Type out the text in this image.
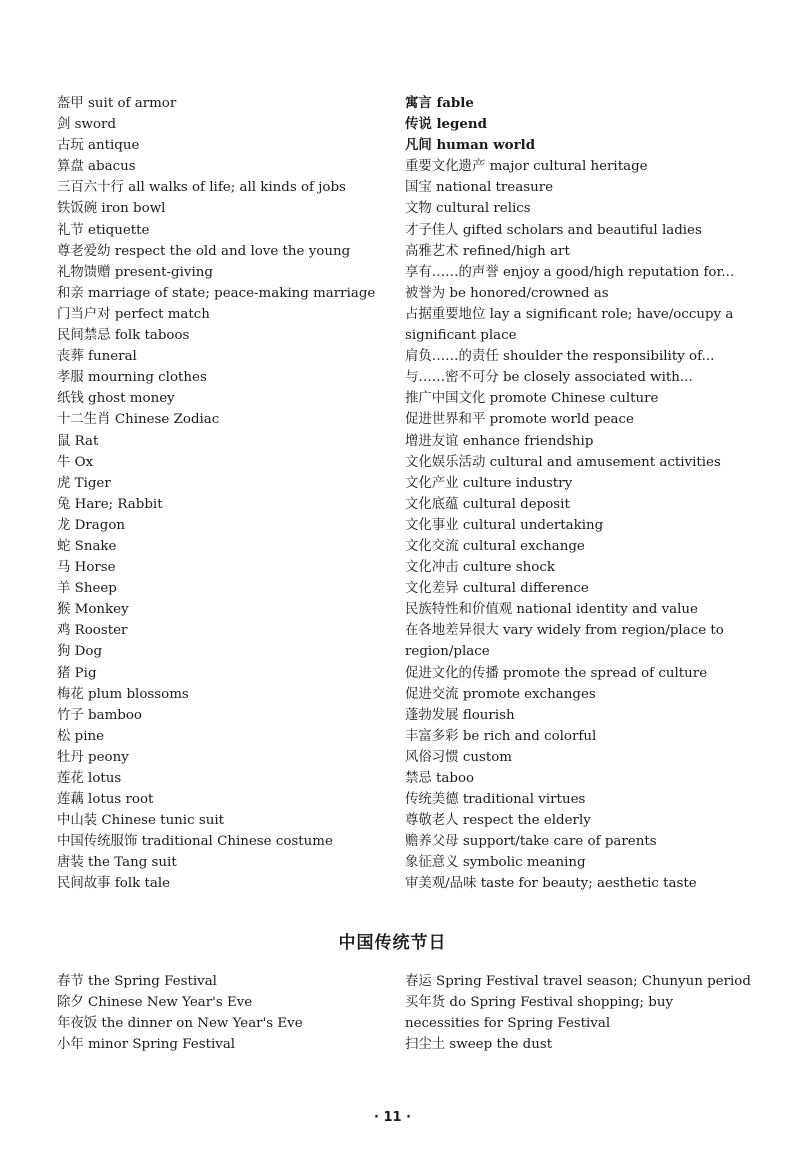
盔甲 suit of armor
剑 sword
古玩 antique
算盘 abacus
三百六十行 all walks of life; all kinds of jobs
铁饭碗 iron bowl
礼节 etiquette
尊老爱幼 respect the old and love the young
礼物馈赠 present-giving
和亲 marriage of state; peace-making marriage
门当户对 perfect match
民间禁忌 folk taboos
丧葬 funeral
孝服 mourning clothes
纸钱 ghost money
十二生肖 Chinese Zodiac
鼠 Rat
牛 Ox
虎 Tiger
兔 Hare; Rabbit
龙 Dragon
蛇 Snake
马 Horse
羊 Sheep
猴 Monkey
鸡 Rooster
狗 Dog
猪 Pig
梅花 plum blossoms
竹子 bamboo
松 pine
牡丹 peony
莲花 lotus
莲藕 lotus root
中山装 Chinese tunic suit
中国传统服饰 traditional Chinese costume
唐装 the Tang suit
民间故事 folk tale
寓言 fable
传说 legend
凡间 human world
重要文化遗产 major cultural heritage
国宝 national treasure
文物 cultural relics
才子佳人 gifted scholars and beautiful ladies
高雅艺术 refined/high art
享有……的声誉 enjoy a good/high reputation for...
被誉为 be honored/crowned as
占据重要地位 lay a significant role; have/occupy a significant place
肩负……的责任 shoulder the responsibility of...
与……密不可分 be closely associated with...
推广中国文化 promote Chinese culture
促进世界和平 promote world peace
增进友谊 enhance friendship
文化娱乐活动 cultural and amusement activities
文化产业 culture industry
文化底蕴 cultural deposit
文化事业 cultural undertaking
文化交流 cultural exchange
文化冲击 culture shock
文化差异 cultural difference
民族特性和价值观 national identity and value
在各地差异很大 vary widely from region/place to region/place
促进文化的传播 promote the spread of culture
促进交流 promote exchanges
蓬勃发展 flourish
丰富多彩 be rich and colorful
风俗习惯 custom
禁忌 taboo
传统美德 traditional virtues
尊敬老人 respect the elderly
赡养父母 support/take care of parents
象征意义 symbolic meaning
审美观/品味 taste for beauty; aesthetic taste
中国传统节日
春节 the Spring Festival
除夕 Chinese New Year's Eve
年夜饭 the dinner on New Year's Eve
小年 minor Spring Festival
春运 Spring Festival travel season; Chunyun period
买年货 do Spring Festival shopping; buy necessities for Spring Festival
扫尘土 sweep the dust
· 11 ·
